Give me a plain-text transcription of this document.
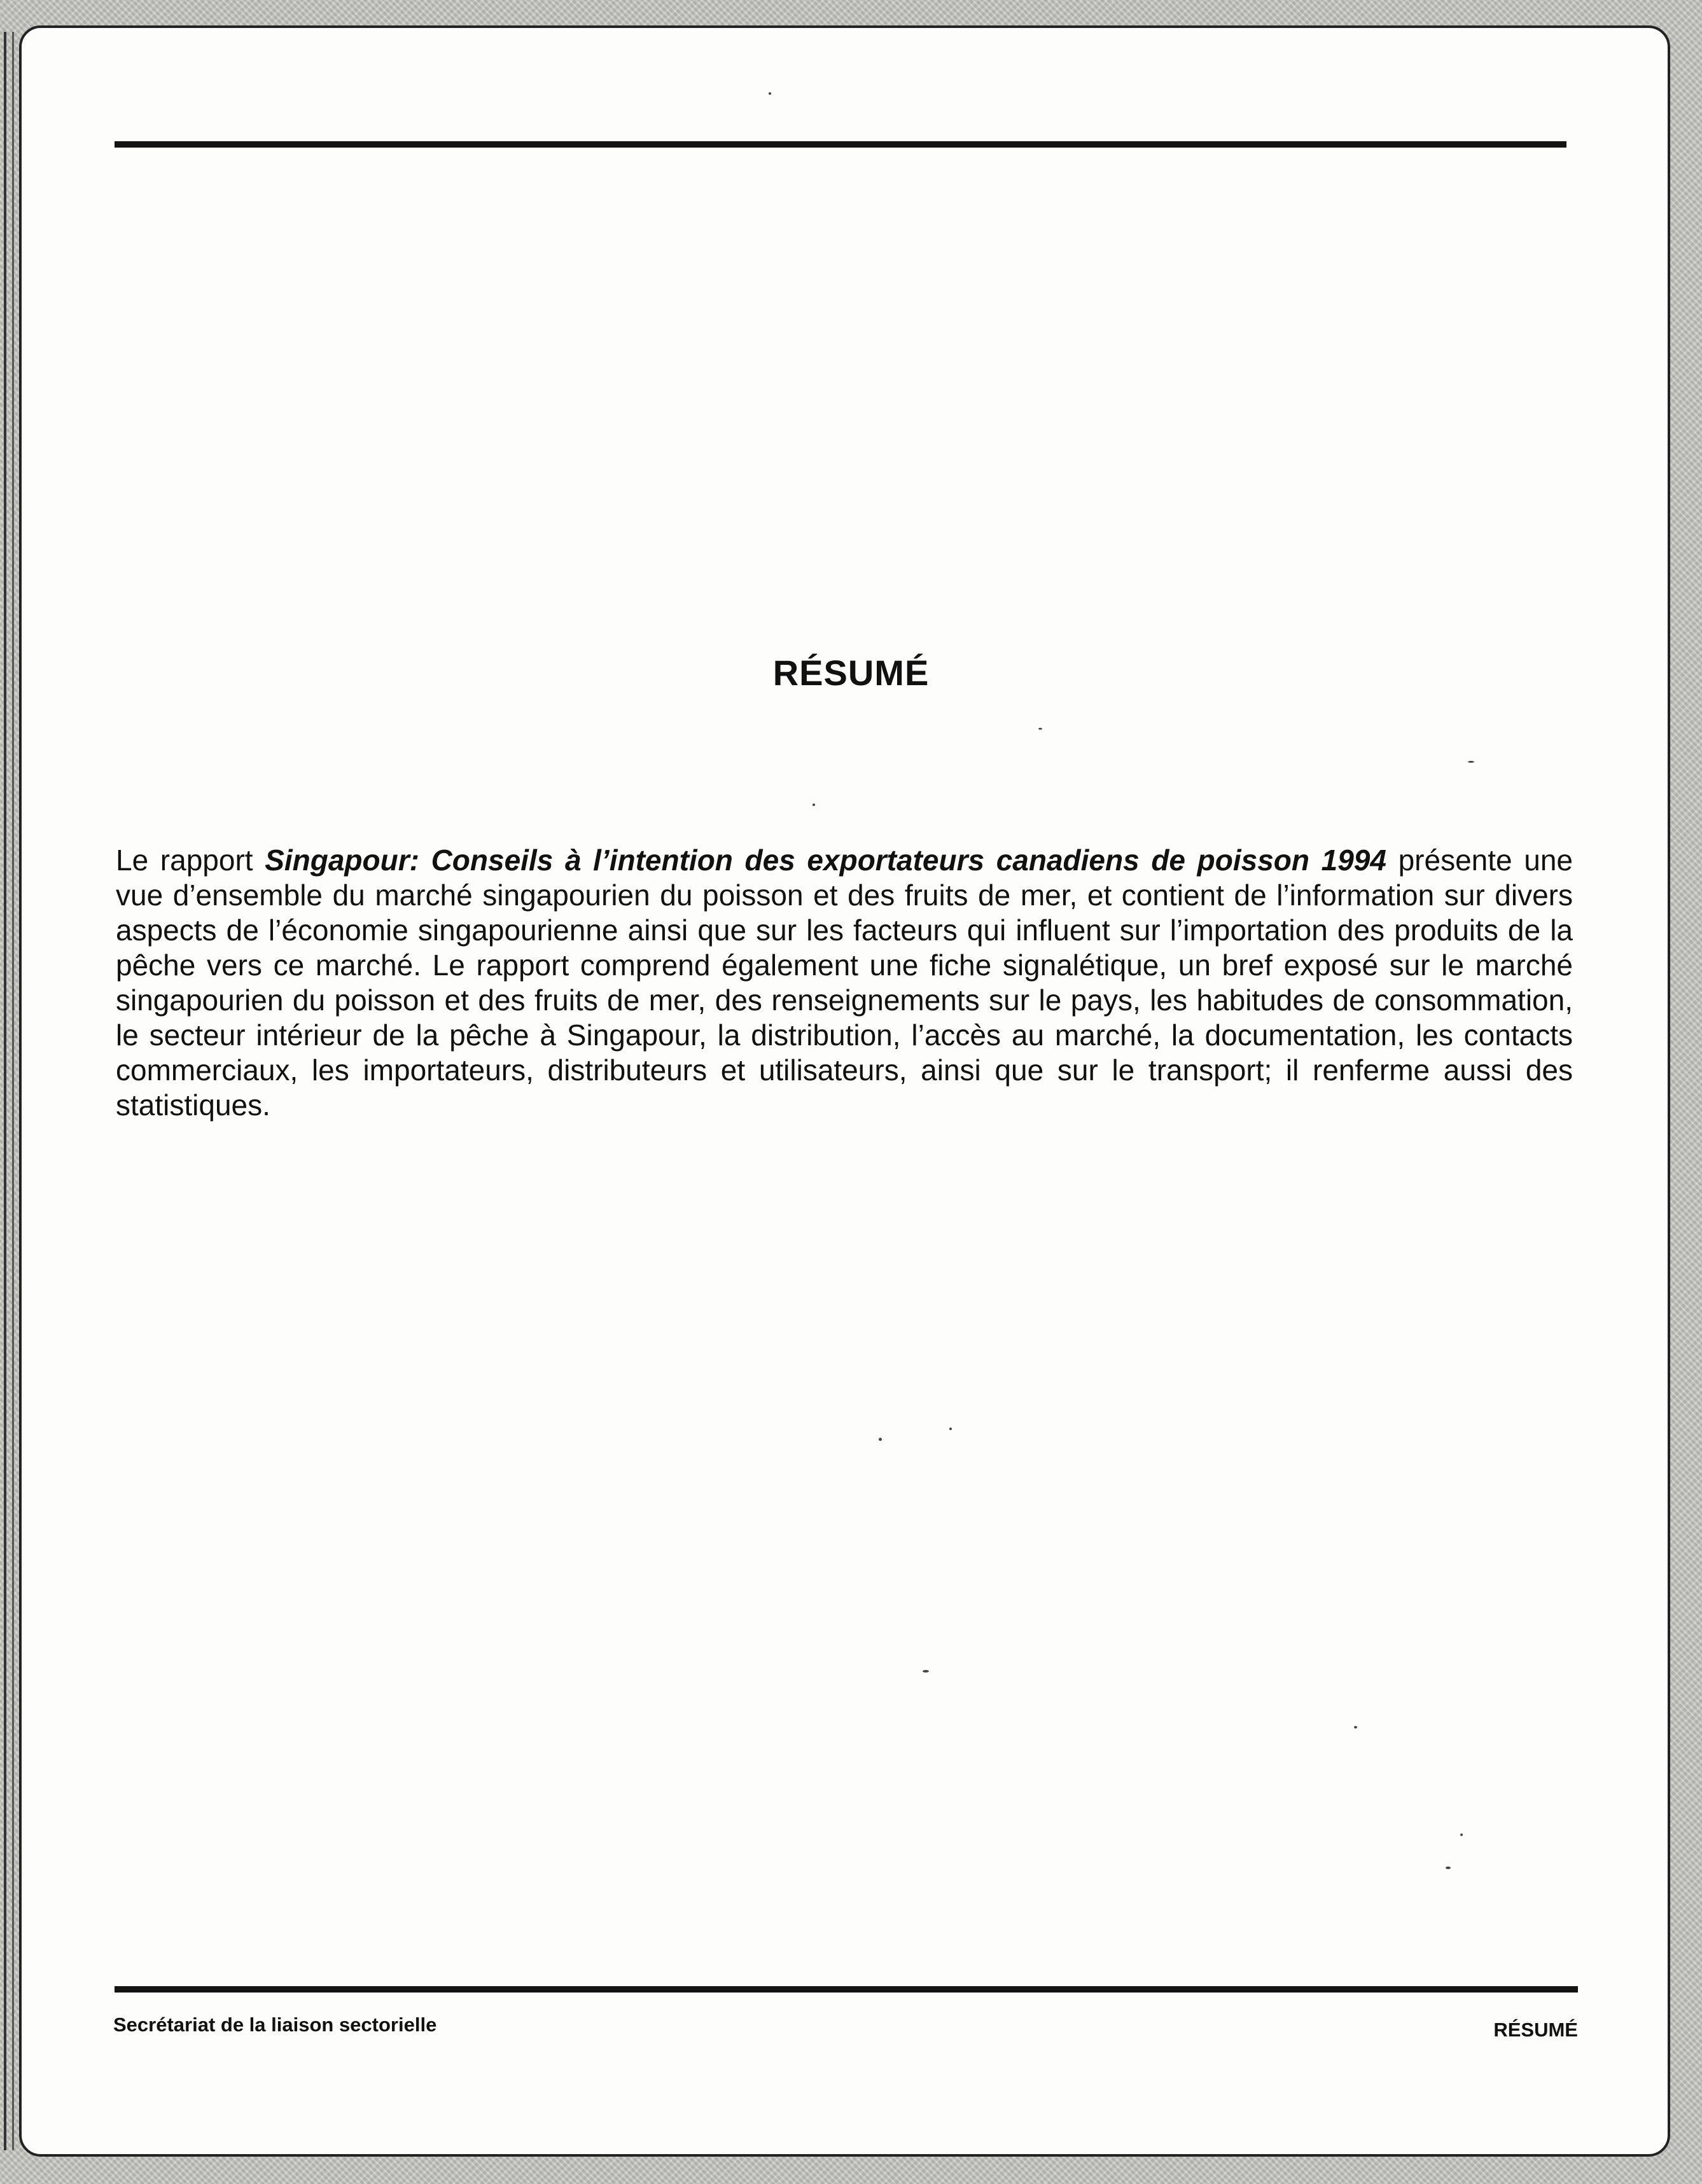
RÉSUMÉ

Le rapport Singapour: Conseils à l’intention des exportateurs canadiens de poisson 1994 présente une vue d’ensemble du marché singapourien du poisson et des fruits de mer, et contient de l’information sur divers aspects de l’économie singapourienne ainsi que sur les facteurs qui influent sur l’importation des produits de la pêche vers ce marché. Le rapport comprend également une fiche signalétique, un bref exposé sur le marché singapourien du poisson et des fruits de mer, des renseignements sur le pays, les habitudes de consommation, le secteur intérieur de la pêche à Singapour, la distribution, l’accès au marché, la documentation, les contacts commerciaux, les importateurs, distributeurs et utilisateurs, ainsi que sur le transport; il renferme aussi des statistiques.

Secrétariat de la liaison sectorielle	RÉSUMÉ
